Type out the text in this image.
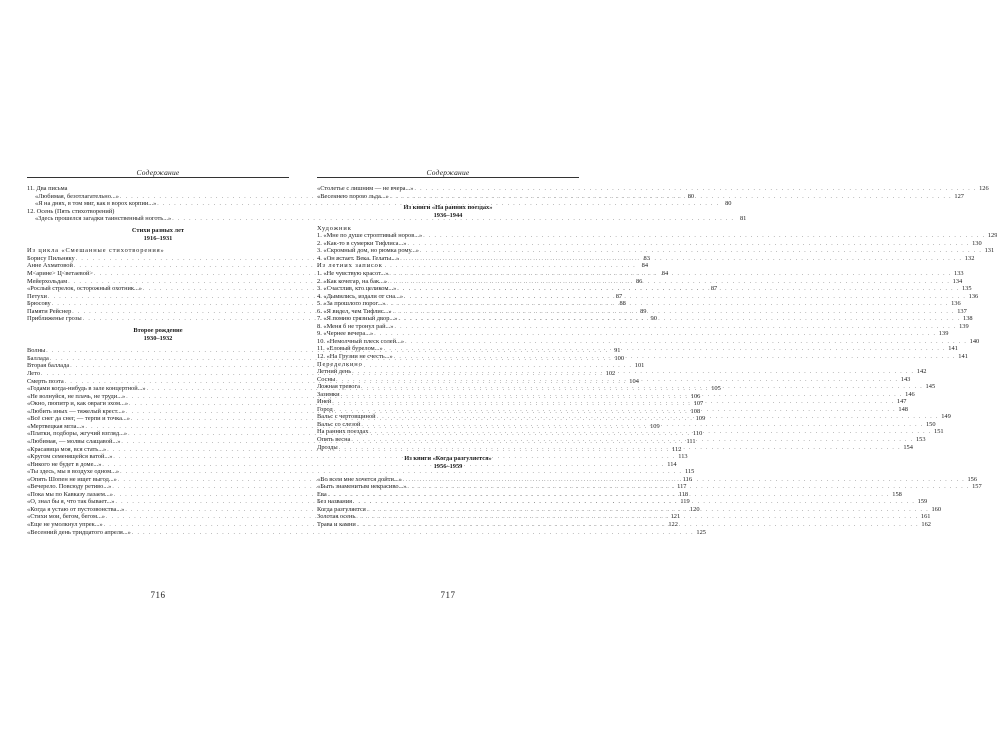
Содержание
11. Два письма
«Любимая, безотлагательно...» . . .	80
«Я на днях, в том миг, как в ворох корпии...» . . .	80
12. Осень (Пять стихотворений)
«Здесь прошелся загадки таинственный ноготь...» . . .	81
Стихи разных лет
1916–1931
Из цикла «Смешанные стихотворения»
Борису Пильняку . . .	83
Анне Ахматовой . . .	84
М<арине> Ц<ветаевой> . . .	84
Мейерхольдам . . .	86
«Рослый стрелок, осторожный охотник...» . . .	87
Петухи . . .	87
Брюсову . . .	88
Памяти Рейснер . . .	89
Приближенье грозы . . .	90
Второе рождение
1930–1932
Волны . . .	91
Баллада . . .	100
Вторая баллада . . .	101
Лето . . .	102
Смерть поэта . . .	104
«Годами когда-нибудь в зале концертной...» . . .	105
«Не волнуйся, не плачь, не труди...» . . .	106
«Окно, пюпитр и, как овраги эхом...» . . .	107
«Любить иных — тяжелый крест...» . . .	108
«Всё снег да снег, — терпи и точка...» . . .	109
«Мертвецкая мгла...» . . .	109
«Платки, подборы, жгучий взгляд...» . . .	110
«Любимая, — молвы слащавой...» . . .	111
«Красавица моя, вся стать...» . . .	112
«Кругом семенящейся ватой...» . . .	113
«Никого не будет в доме...» . . .	114
«Ты здесь, мы в воздухе одном...» . . .	115
«Опять Шопен не ищет выгод...» . . .	116
«Вечерело. Повсюду ретиво...» . . .	117
«Пока мы по Кавказу лазаем...» . . .	118
«О, знал бы я, что так бывает...» . . .	119
«Когда я устаю от пустозвонства...» . . .	120
«Стихи мои, бегом, бегом...» . . .	121
«Еще не умолкнул упрек...» . . .	122
«Весенний день тридцатого апреля...» . . .	125
716
Содержание
«Столетье с лишним — не вчера...» . . .	126
«Весеннею порою льда...» . . .	127
Из книги «На ранних поездах»
1936–1944
Художник
1. «Мне по душе строптивый норов...» . . .	129
2. «Как-то в сумерки Тифлиса...» . . .	130
3. «Скромный дом, но рюмка рому...» . . .	131
4. «Он встает. Века. Гелаты...» . . .	132
Из летних записок
1. «Не чувствую красот...» . . .	133
2. «Как кочегар, на бак...» . . .	134
3. «Счастлив, кто целиком...» . . .	135
4. «Дымились, издали от сна...» . . .	136
5. «За прошлого порог...» . . .	136
6. «Я видел, чем Тифлис...» . . .	137
7. «Я помню грязный двор...» . . .	138
8. «Меня б не тронул рай...» . . .	139
9. «Чернее вечера...» . . .	139
10. «Немолчный плеск солей...» . . .	140
11. «Еловый бурелом...» . . .	141
12. «На Грузии не счесть...» . . .	141
Переделкино
Летний день . . .	142
Сосны . . .	143
Ложная тревога . . .	145
Зазимки . . .	146
Иней . . .	147
Город . . .	148
Вальс с чертовщиной . . .	149
Вальс со слезой . . .	150
На ранних поездах . . .	151
Опять весна . . .	153
Дрозды . . .	154
Из книги «Когда разгуляется»
1956–1959
«Во всем мне хочется дойти...» . . .	156
«Быть знаменитым некрасиво...» . . .	157
Ева . . .	158
Без названия . . .	159
Когда разгуляется . . .	160
Золотая осень . . .	161
Трава и камни . . .	162
717
